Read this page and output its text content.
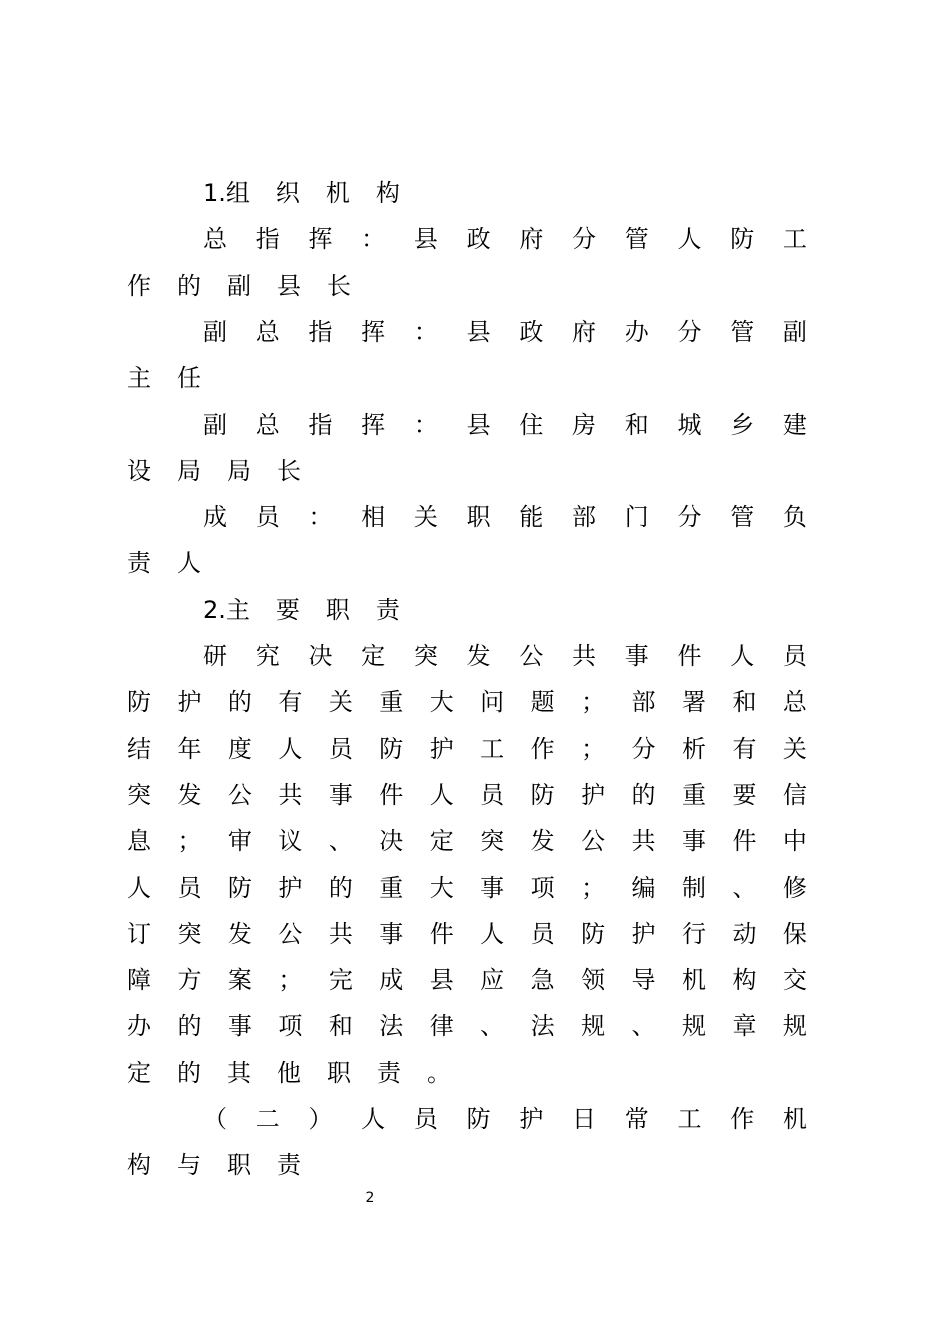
1.组 织 机 构
总 指 挥 ： 县 政 府 分 管 人 防 工
作 的 副 县 长
副 总 指 挥 ： 县 政 府 办 分 管 副
主 任
副 总 指 挥 ： 县 住 房 和 城 乡 建
设 局 局 长
成 员 ： 相 关 职 能 部 门 分 管 负
责 人
2.主 要 职 责
研 究 决 定 突 发 公 共 事 件 人 员
防 护 的 有 关 重 大 问 题 ； 部 署 和 总
结 年 度 人 员 防 护 工 作 ； 分 析 有 关
突 发 公 共 事 件 人 员 防 护 的 重 要 信
息 ； 审 议 、 决 定 突 发 公 共 事 件 中
人 员 防 护 的 重 大 事 项 ； 编 制 、 修
订 突 发 公 共 事 件 人 员 防 护 行 动 保
障 方 案 ； 完 成 县 应 急 领 导 机 构 交
办 的 事 项 和 法 律 、 法 规 、 规 章 规
定 的 其 他 职 责 。
（ 二 ） 人 员 防 护 日 常 工 作 机
构 与 职 责
2
